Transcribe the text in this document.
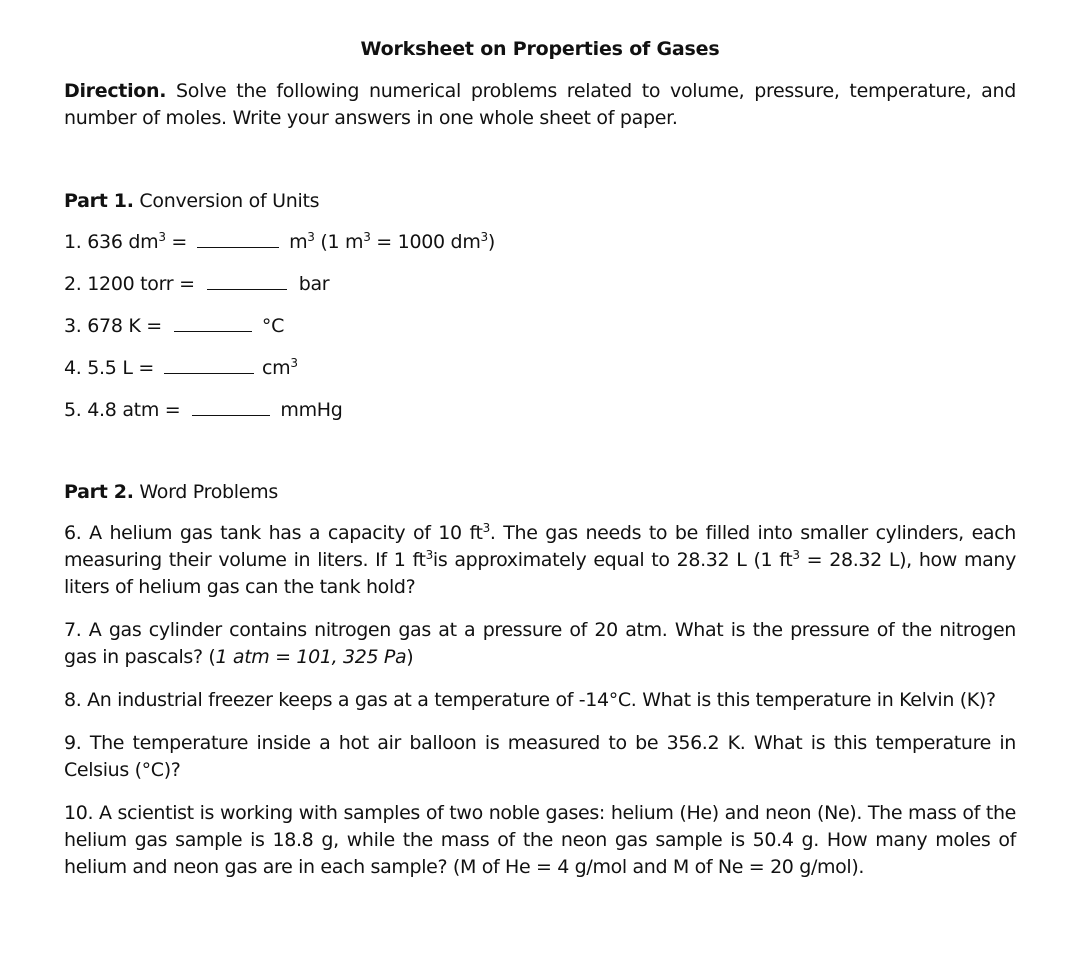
Worksheet on Properties of Gases

Direction. Solve the following numerical problems related to volume, pressure, temperature, and number of moles. Write your answers in one whole sheet of paper.

Part 1. Conversion of Units
1. 636 $dm^3$ =	$m^3$ (1 $m^3 = 1000$ $dm^3$)
2. 1200 torr =	bar
3. 678 K =	°C
4. 5.5 L =	$cm^3$
5. 4.8 atm =	mmHg
Part 2. Word Problems

6. A helium gas tank has a capacity of 10 $ft^3$. The gas needs to be filled into smaller cylinders, each measuring their volume in liters. If 1 $ft^3is$ approximately equal to 28.32 L (1 $ft^3 = 28.32$ L), how many liters of helium gas can the tank hold?

7. A gas cylinder contains nitrogen gas at a pressure of 20 atm. What is the pressure of the nitrogen gas in pascals? (1 atm = 101, 325 Pa)

8. An industrial freezer keeps a gas at a temperature of -14°C. What is this temperature in Kelvin (K)?

9. The temperature inside a hot air balloon is measured to be 356.2 K. What is this temperature in Celsius (°C)?

10. A scientist is working with samples of two noble gases: helium (He) and neon (Ne). The mass of the helium gas sample is 18.8 g, while the mass of the neon gas sample is 50.4 g. How many moles of helium and neon gas are in each sample? (M of He = 4 g/mol and M of Ne = 20 g/mol).
